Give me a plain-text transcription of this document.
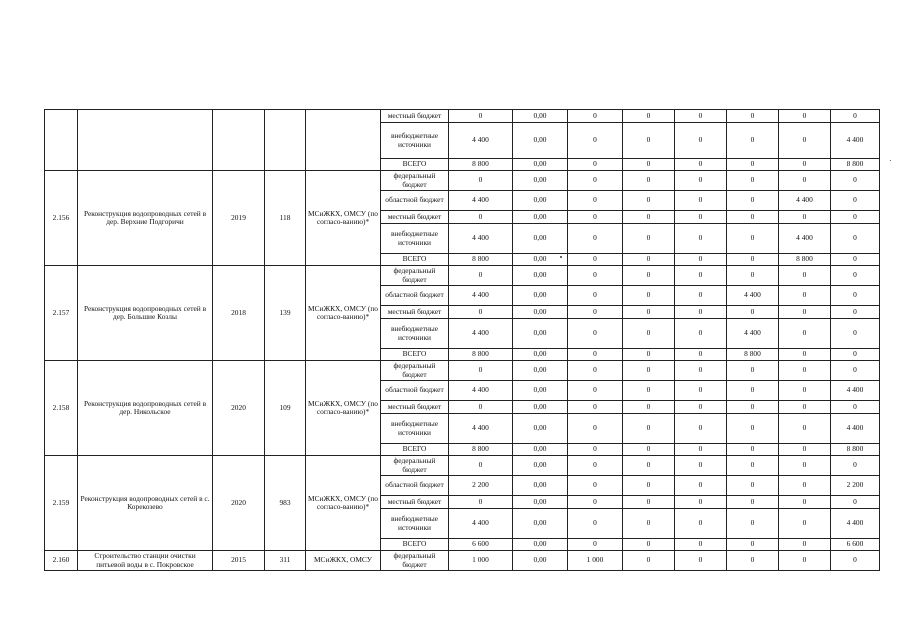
					местный бюджет	0	0,00	0	0	0	0	0	0
					внебюджетные источники	4 400	0,00	0	0	0	0	0	4 400
					ВСЕГО	8 800	0,00	0	0	0	0	0	8 800
2.156	Реконструкция водопроводных сетей в дер. Верхние Подгоричи	2019	118	МСиЖКХ, ОМСУ (по согласо-ванию)*	федеральный бюджет	0	0,00	0	0	0	0	0	0
					областной бюджет	4 400	0,00	0	0	0	0	4 400	0
					местный бюджет	0	0,00	0	0	0	0	0	0
					внебюджетные источники	4 400	0,00	0	0	0	0	4 400	0
					ВСЕГО	8 800	0,00	0	0	0	0	8 800	0
2.157	Реконструкция водопроводных сетей в дер. Большие Козлы	2018	139	МСиЖКХ, ОМСУ (по согласо-ванию)*	федеральный бюджет	0	0,00	0	0	0	0	0	0
					областной бюджет	4 400	0,00	0	0	0	4 400	0	0
					местный бюджет	0	0,00	0	0	0	0	0	0
					внебюджетные источники	4 400	0,00	0	0	0	4 400	0	0
					ВСЕГО	8 800	0,00	0	0	0	8 800	0	0
2.158	Реконструкция водопроводных сетей в дер. Никольское	2020	109	МСиЖКХ, ОМСУ (по согласо-ванию)*	федеральный бюджет	0	0,00	0	0	0	0	0	0
					областной бюджет	4 400	0,00	0	0	0	0	0	4 400
					местный бюджет	0	0,00	0	0	0	0	0	0
					внебюджетные источники	4 400	0,00	0	0	0	0	0	4 400
					ВСЕГО	8 800	0,00	0	0	0	0	0	8 800
2.159	Реконструкция водопроводных сетей в с. Корекозево	2020	983	МСиЖКХ, ОМСУ (по согласо-ванию)*	федеральный бюджет	0	0,00	0	0	0	0	0	0
					областной бюджет	2 200	0,00	0	0	0	0	0	2 200
					местный бюджет	0	0,00	0	0	0	0	0	0
					внебюджетные источники	4 400	0,00	0	0	0	0	0	4 400
					ВСЕГО	6 600	0,00	0	0	0	0	0	6 600
2.160	Строительство станции очистки питьевой воды в с. Покровское	2015	311	МСиЖКХ, ОМСУ	федеральный бюджет	1 000	0,00	1 000	0	0	0	0	0
